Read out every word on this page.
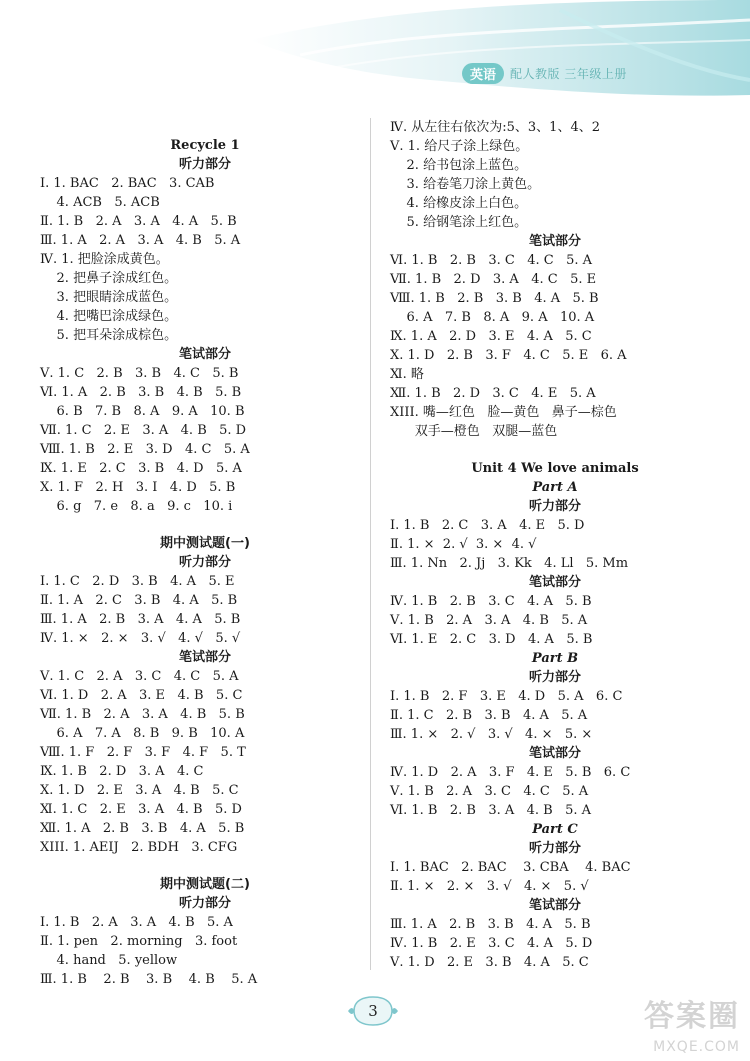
英语	配人教版 三年级上册
Recycle 1
听力部分
Ⅰ. 1. BAC   2. BAC   3. CAB
4. ACB   5. ACB
Ⅱ. 1. B   2. A   3. A   4. A   5. B
Ⅲ. 1. A   2. A   3. A   4. B   5. A
Ⅳ. 1. 把脸涂成黄色。
2. 把鼻子涂成红色。
3. 把眼睛涂成蓝色。
4. 把嘴巴涂成绿色。
5. 把耳朵涂成棕色。
笔试部分
Ⅴ. 1. C   2. B   3. B   4. C   5. B
Ⅵ. 1. A   2. B   3. B   4. B   5. B
6. B   7. B   8. A   9. A   10. B
Ⅶ. 1. C   2. E   3. A   4. B   5. D
Ⅷ. 1. B   2. E   3. D   4. C   5. A
Ⅸ. 1. E   2. C   3. B   4. D   5. A
Ⅹ. 1. F   2. H   3. I   4. D   5. B
6. g   7. e   8. a   9. c   10. i
期中测试题(一)
听力部分
Ⅰ. 1. C   2. D   3. B   4. A   5. E
Ⅱ. 1. A   2. C   3. B   4. A   5. B
Ⅲ. 1. A   2. B   3. A   4. A   5. B
Ⅳ. 1. ×   2. ×   3. √   4. √   5. √
笔试部分
Ⅴ. 1. C   2. A   3. C   4. C   5. A
Ⅵ. 1. D   2. A   3. E   4. B   5. C
Ⅶ. 1. B   2. A   3. A   4. B   5. B
6. A   7. A   8. B   9. B   10. A
Ⅷ. 1. F   2. F   3. F   4. F   5. T
Ⅸ. 1. B   2. D   3. A   4. C
Ⅹ. 1. D   2. E   3. A   4. B   5. C
Ⅺ. 1. C   2. E   3. A   4. B   5. D
Ⅻ. 1. A   2. B   3. B   4. A   5. B
XIII. 1. AEIJ   2. BDH   3. CFG
期中测试题(二)
听力部分
Ⅰ. 1. B   2. A   3. A   4. B   5. A
Ⅱ. 1. pen   2. morning   3. foot
4. hand   5. yellow
Ⅲ. 1. B    2. B    3. B    4. B    5. A
Ⅳ. 从左往右依次为:5、3、1、4、2
Ⅴ. 1. 给尺子涂上绿色。
2. 给书包涂上蓝色。
3. 给卷笔刀涂上黄色。
4. 给橡皮涂上白色。
5. 给钢笔涂上红色。
笔试部分
Ⅵ. 1. B   2. B   3. C   4. C   5. A
Ⅶ. 1. B   2. D   3. A   4. C   5. E
Ⅷ. 1. B   2. B   3. B   4. A   5. B
6. A   7. B   8. A   9. A   10. A
Ⅸ. 1. A   2. D   3. E   4. A   5. C
Ⅹ. 1. D   2. B   3. F   4. C   5. E   6. A
Ⅺ. 略
Ⅻ. 1. B   2. D   3. C   4. E   5. A
XIII. 嘴—红色   脸—黄色   鼻子—棕色
双手—橙色   双腿—蓝色
Unit 4 We love animals
Part A
听力部分
Ⅰ. 1. B   2. C   3. A   4. E   5. D
Ⅱ. 1. ×  2. √  3. ×  4. √
Ⅲ. 1. Nn   2. Jj   3. Kk   4. Ll   5. Mm
笔试部分
Ⅳ. 1. B   2. B   3. C   4. A   5. B
Ⅴ. 1. B   2. A   3. A   4. B   5. A
Ⅵ. 1. E   2. C   3. D   4. A   5. B
Part B
听力部分
Ⅰ. 1. B   2. F   3. E   4. D   5. A   6. C
Ⅱ. 1. C   2. B   3. B   4. A   5. A
Ⅲ. 1. ×   2. √   3. √   4. ×   5. ×
笔试部分
Ⅳ. 1. D   2. A   3. F   4. E   5. B   6. C
Ⅴ. 1. B   2. A   3. C   4. C   5. A
Ⅵ. 1. B   2. B   3. A   4. B   5. A
Part C
听力部分
Ⅰ. 1. BAC   2. BAC    3. CBA    4. BAC
Ⅱ. 1. ×   2. ×   3. √   4. ×   5. √
笔试部分
Ⅲ. 1. A   2. B   3. B   4. A   5. B
Ⅳ. 1. B   2. E   3. C   4. A   5. D
Ⅴ. 1. D   2. E   3. B   4. A   5. C
3	答案圈
MXQE.COM
